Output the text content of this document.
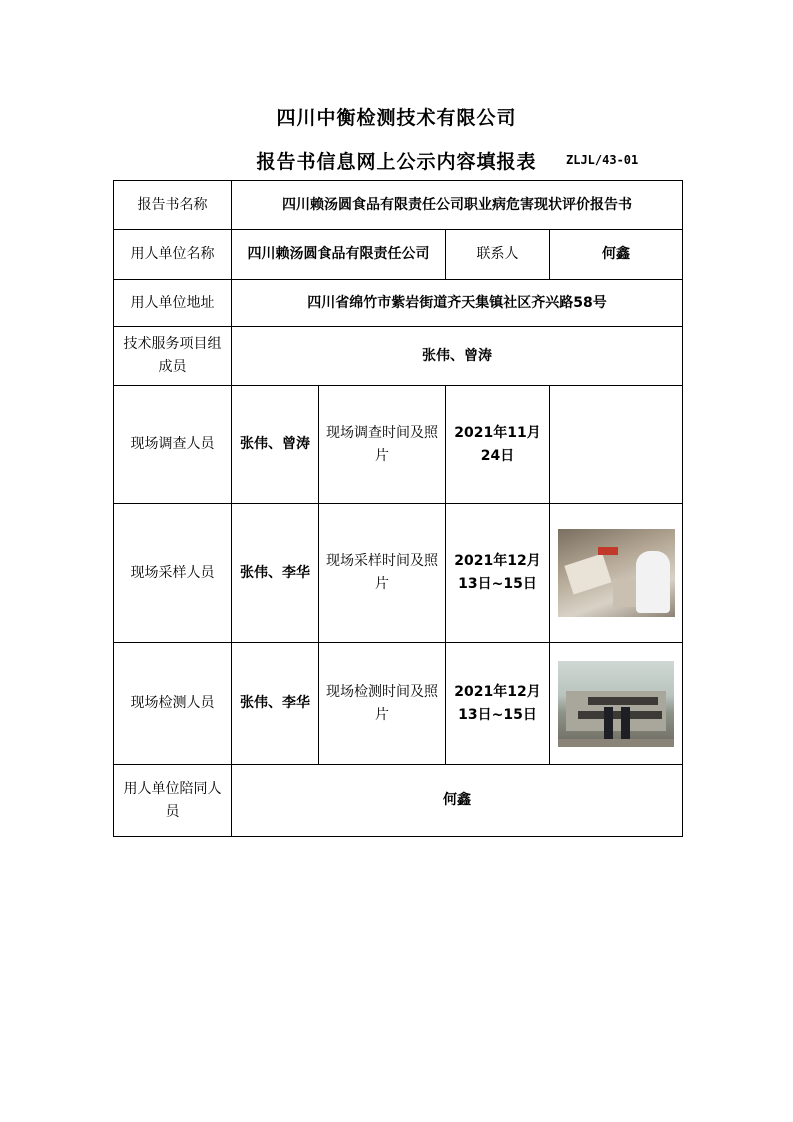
四川中衡检测技术有限公司
报告书信息网上公示内容填报表	ZLJL/43-01
报告书名称	四川赖汤圆食品有限责任公司职业病危害现状评价报告书			
用人单位名称	四川赖汤圆食品有限责任公司		联系人	何鑫
用人单位地址	四川省绵竹市紫岩街道齐天集镇社区齐兴路58号			
技术服务项目组成员	张伟、曾涛			
现场调查人员	张伟、曾涛	现场调查时间及照片	2021年11月24日	
现场采样人员	张伟、李华	现场采样时间及照片	2021年12月13日~15日	

现场检测人员	张伟、李华	现场检测时间及照片	2021年12月13日~15日	

用人单位陪同人员	何鑫			
